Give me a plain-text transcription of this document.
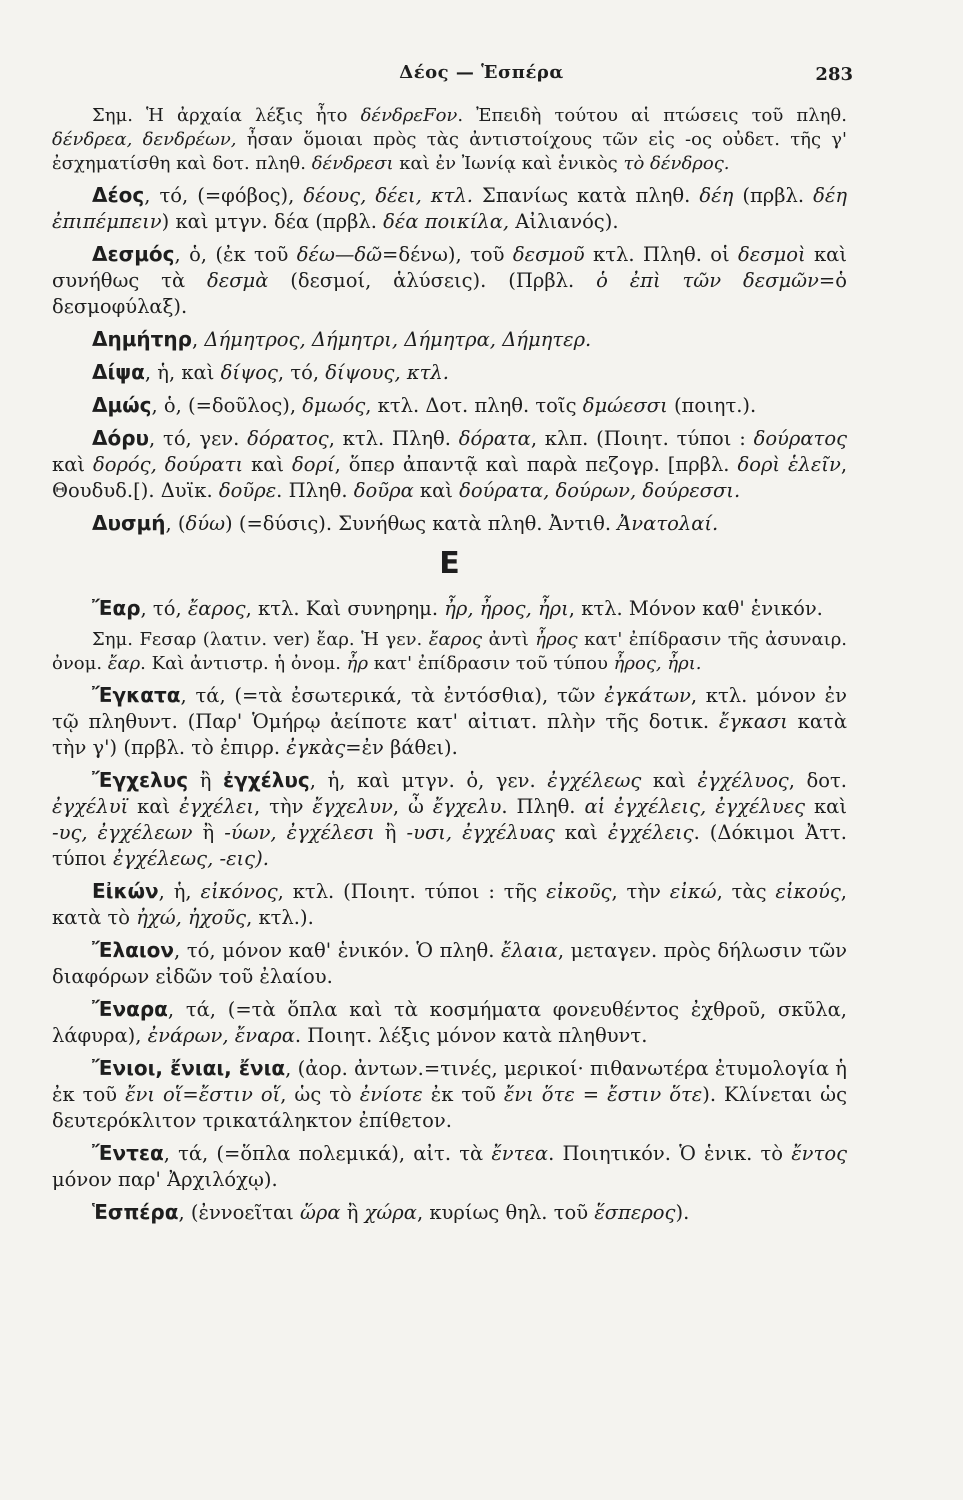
Δέος — Ἑσπέρα	283

Σημ. Ἡ ἀρχαία λέξις ἦτο δένδρεFον. Ἐπειδὴ τούτου αἱ πτώσεις τοῦ πληθ. δένδρεα, δενδρέων, ἦσαν ὅμοιαι πρὸς τὰς ἀντιστοίχους τῶν εἰς -ος οὐδετ. τῆς γ' ἐσχηματίσθη καὶ δοτ. πληθ. δένδρεσι καὶ ἐν Ἰωνίᾳ καὶ ἑνικὸς τὸ δένδρος.

Δέος, τό, (=φόβος), δέους, δέει, κτλ. Σπανίως κατὰ πληθ. δέη (πρβλ. δέη ἐπιπέμπειν) καὶ μτγν. δέα (πρβλ. δέα ποικίλα, Αἰλιανός).

Δεσμός, ὁ, (ἐκ τοῦ δέω—δῶ=δένω), τοῦ δεσμοῦ κτλ. Πληθ. οἱ δεσμοὶ καὶ συνήθως τὰ δεσμὰ (δεσμοί, ἁλύσεις). (Πρβλ. ὁ ἐπὶ τῶν δεσμῶν=ὁ δεσμοφύλαξ).

Δημήτηρ, Δήμητρος, Δήμητρι, Δήμητρα, Δήμητερ.

Δίψα, ἡ, καὶ δίψος, τό, δίψους, κτλ.

Δμώς, ὁ, (=δοῦλος), δμωός, κτλ. Δοτ. πληθ. τοῖς δμώεσσι (ποιητ.).

Δόρυ, τό, γεν. δόρατος, κτλ. Πληθ. δόρατα, κλπ. (Ποιητ. τύποι : δούρατος καὶ δορός, δούρατι καὶ δορί, ὅπερ ἀπαντᾷ καὶ παρὰ πεζογρ. [πρβλ. δορὶ ἑλεῖν, Θουδυδ.[). Δυϊκ. δοῦρε. Πληθ. δοῦρα καὶ δούρατα, δούρων, δούρεσσι.

Δυσμή, (δύω) (=δύσις). Συνήθως κατὰ πληθ. Ἀντιθ. Ἀνατολαί.

Ε

Ἔαρ, τό, ἔαρος, κτλ. Καὶ συνηρημ. ἦρ, ἦρος, ἦρι, κτλ. Μόνον καθ' ἑνικόν.

Σημ. Fεσαρ (λατιν. ver) ἔαρ. Ἡ γεν. ἔαρος ἀντὶ ἦρος κατ' ἐπίδρασιν τῆς ἀσυναιρ. ὀνομ. ἔαρ. Καὶ ἀντιστρ. ἡ ὀνομ. ἦρ κατ' ἐπίδρασιν τοῦ τύπου ἦρος, ἦρι.

Ἔγκατα, τά, (=τὰ ἐσωτερικά, τὰ ἐντόσθια), τῶν ἐγκάτων, κτλ. μόνον ἐν τῷ πληθυντ. (Παρ' Ὁμήρῳ ἀείποτε κατ' αἰτιατ. πλὴν τῆς δοτικ. ἔγκασι κατὰ τὴν γ') (πρβλ. τὸ ἐπιρρ. ἐγκὰς=ἐν βάθει).

Ἔγχελυς ἢ ἐγχέλυς, ἡ, καὶ μτγν. ὁ, γεν. ἐγχέλεως καὶ ἐγχέλυος, δοτ. ἐγχέλυϊ καὶ ἐγχέλει, τὴν ἔγχελυν, ὦ ἔγχελυ. Πληθ. αἱ ἐγχέλεις, ἐγχέλυες καὶ -υς, ἐγχέλεων ἢ -ύων, ἐγχέλεσι ἢ -υσι, ἐγχέλυας καὶ ἐγχέλεις. (Δόκιμοι Ἀττ. τύποι ἐγχέλεως, -εις).

Εἰκών, ἡ, εἰκόνος, κτλ. (Ποιητ. τύποι : τῆς εἰκοῦς, τὴν εἰκώ, τὰς εἰκούς, κατὰ τὸ ἠχώ, ἠχοῦς, κτλ.).

Ἔλαιον, τό, μόνον καθ' ἑνικόν. Ὁ πληθ. ἔλαια, μεταγεν. πρὸς δήλωσιν τῶν διαφόρων εἰδῶν τοῦ ἐλαίου.

Ἔναρα, τά, (=τὰ ὅπλα καὶ τὰ κοσμήματα φονευθέντος ἐχθροῦ, σκῦλα, λάφυρα), ἐνάρων, ἔναρα. Ποιητ. λέξις μόνον κατὰ πληθυντ.

Ἔνιοι, ἔνιαι, ἔνια, (ἀορ. ἀντων.=τινές, μερικοί· πιθανωτέρα ἐτυμολογία ἡ ἐκ τοῦ ἔνι οἵ=ἔστιν οἵ, ὡς τὸ ἐνίοτε ἐκ τοῦ ἔνι ὅτε = ἔστιν ὅτε). Κλίνεται ὡς δευτερόκλιτον τρικατάληκτον ἐπίθετον.

Ἔντεα, τά, (=ὅπλα πολεμικά), αἰτ. τὰ ἔντεα. Ποιητικόν. Ὁ ἑνικ. τὸ ἔντος μόνον παρ' Ἀρχιλόχῳ).

Ἑσπέρα, (ἐννοεῖται ὥρα ἢ χώρα, κυρίως θηλ. τοῦ ἕσπερος).
